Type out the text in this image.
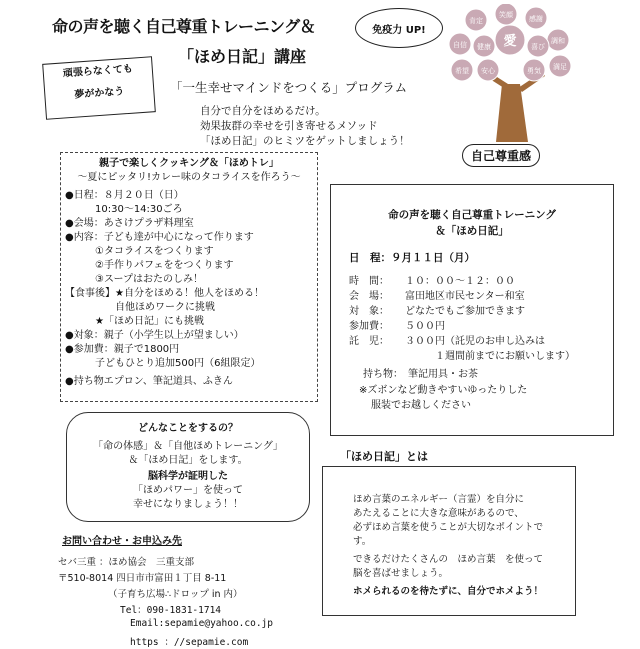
命の声を聴く自己尊重トレーニング＆
「ほめ日記」講座
免疫力 UP!
頑張らなくても
夢がかなう	「一生幸せマインドをつくる」プログラム
自分で自分をほめるだけ。
効果抜群の幸せを引き寄せるメソッド
「ほめ日記」のヒミツをゲットしましょう！
肯定
笑顔
愛
感謝
自信	調和
健康	喜び
希望 安心	勇気 満足
自己尊重感
親子で楽しくクッキング＆「ほめトレ」
～夏にピッタリ!カレー味のタコライスを作ろう～
●日程：８月２０日（日）
　　　10:30～14:30ごろ
●会場：あさけプラザ料理室
●内容：子ども達が中心になって作ります
　　　①タコライスをつくります
　　　②手作りパフェををつくります
　　　③スープはおたのしみ！
【食事後】★自分をほめる！他人をほめる！
　　　　　自他ほめワークに挑戦
　　　★「ほめ日記」にも挑戦
●対象：親子（小学生以上が望ましい）
●参加費：親子で1800円
　　　子どもひとり追加500円（6組限定）
●持ち物エプロン、筆記道具、ふきん
命の声を聴く自己尊重トレーニング
＆「ほめ日記」
日　程：９月１１日（月）
時　間： １０：００～１２：００
会　場： 富田地区市民センター和室
対　象： どなたでもご参加できます
参加費： ５００円
託　児： ３００円（託児のお申し込みは
１週間前までにお願いします）
持ち物：　筆記用具・お茶
※ズボンなど動きやすいゆったりした
服装でお越しください
どんなことをするの？
「命の体感」＆「自他ほめトレーニング」
＆「ほめ日記」をします。
脳科学が証明した
「ほめパワー」を使って
幸せになりましょう！！
「ほめ日記」とは
ほめ言葉のエネルギー（言霊）を自分に
あたえることに大きな意味があるので、
必ずほめ言葉を使うことが大切なポイントで
す。
できるだけたくさんの　ほめ言葉　を使って
脳を喜ばせましょう。
ホメられるのを待たずに、自分でホメよう！
お問い合わせ・お申込み先
セバ三重 ：ほめ協会　三重支部
〒510-8014 四日市市富田１丁目 8-11
（子育ち広場∴ドロップ in 内）
Tel：090-1831-1714
Email:sepamie@yahoo.co.jp
https ：//sepamie.com
